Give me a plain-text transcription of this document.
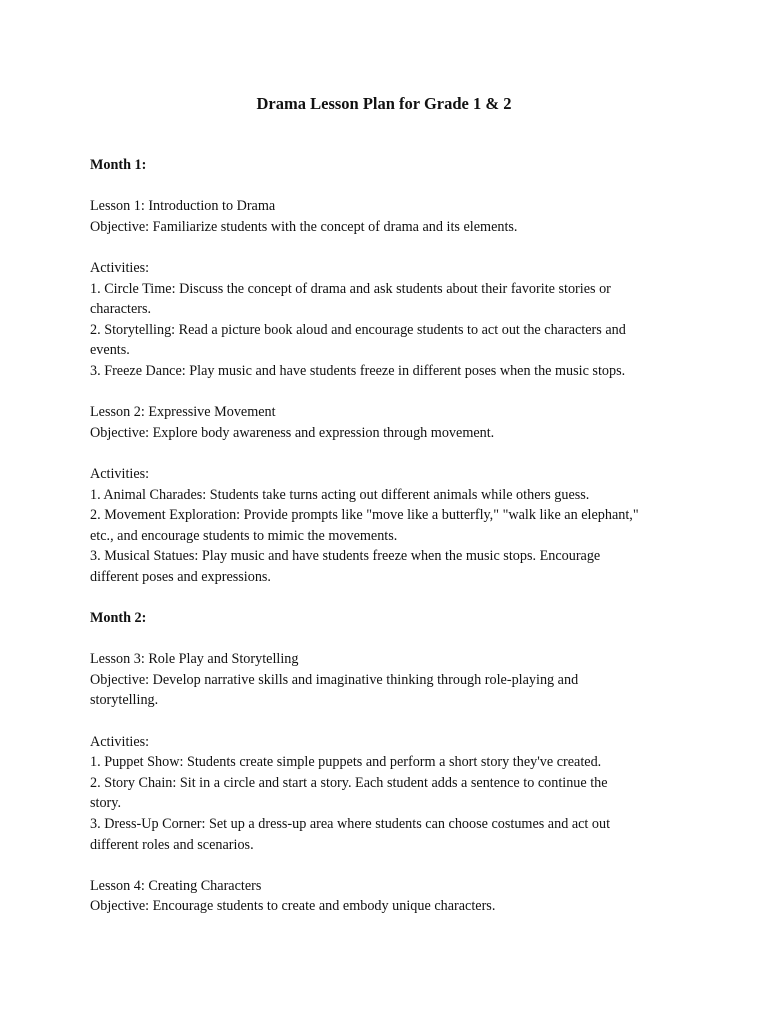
Drama Lesson Plan for Grade 1 & 2
Month 1:
Lesson 1: Introduction to Drama
Objective: Familiarize students with the concept of drama and its elements.
Activities:
1. Circle Time: Discuss the concept of drama and ask students about their favorite stories or
characters.
2. Storytelling: Read a picture book aloud and encourage students to act out the characters and
events.
3. Freeze Dance: Play music and have students freeze in different poses when the music stops.
Lesson 2: Expressive Movement
Objective: Explore body awareness and expression through movement.
Activities:
1. Animal Charades: Students take turns acting out different animals while others guess.
2. Movement Exploration: Provide prompts like "move like a butterfly," "walk like an elephant,"
etc., and encourage students to mimic the movements.
3. Musical Statues: Play music and have students freeze when the music stops. Encourage
different poses and expressions.
Month 2:
Lesson 3: Role Play and Storytelling
Objective: Develop narrative skills and imaginative thinking through role-playing and
storytelling.
Activities:
1. Puppet Show: Students create simple puppets and perform a short story they've created.
2. Story Chain: Sit in a circle and start a story. Each student adds a sentence to continue the
story.
3. Dress-Up Corner: Set up a dress-up area where students can choose costumes and act out
different roles and scenarios.
Lesson 4: Creating Characters
Objective: Encourage students to create and embody unique characters.
